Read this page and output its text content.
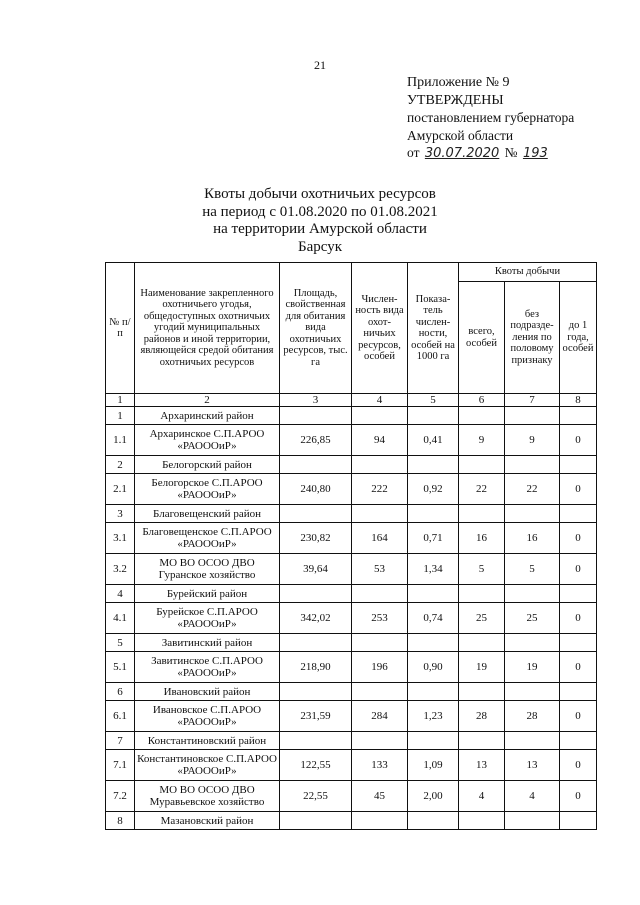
21
Приложение № 9
УТВЕРЖДЕНЫ
постановлением губернатора
Амурской области
от 30.07.2020 № 193
Квоты добычи охотничьих ресурсов
на период с 01.08.2020 по 01.08.2021
на территории Амурской области
Барсук
№ п/п	Наименование закрепленного охотничьего угодья, общедоступных охотничьих угодий муниципальных районов и иной территории, являющейся средой обитания охотничьих ресурсов	Площадь, свойственная для обитания вида охотничьих ресурсов, тыс. га	Числен-ность вида охот-ничьих ресурсов, особей	Показа-тель числен-ности, особей на 1000 га	Квоты добычи		
					всего, особей	без подразде-ления по половому признаку	до 1 года, особей
1	2	3	4	5	6	7	8
1	Архаринский район						
1.1	Архаринское С.П.АРОО «РАОООиР»	226,85	94	0,41	9	9	0
2	Белогорский район						
2.1	Белогорское С.П.АРОО «РАОООиР»	240,80	222	0,92	22	22	0
3	Благовещенский район						
3.1	Благовещенское С.П.АРОО «РАОООиР»	230,82	164	0,71	16	16	0
3.2	МО ВО ОСОО ДВО Гуранское хозяйство	39,64	53	1,34	5	5	0
4	Бурейский район						
4.1	Бурейское С.П.АРОО «РАОООиР»	342,02	253	0,74	25	25	0
5	Завитинский район						
5.1	Завитинское С.П.АРОО «РАОООиР»	218,90	196	0,90	19	19	0
6	Ивановский район						
6.1	Ивановское С.П.АРОО «РАОООиР»	231,59	284	1,23	28	28	0
7	Константиновский район						
7.1	Константиновское С.П.АРОО «РАОООиР»	122,55	133	1,09	13	13	0
7.2	МО ВО ОСОО ДВО Муравьевское хозяйство	22,55	45	2,00	4	4	0
8	Мазановский район						
